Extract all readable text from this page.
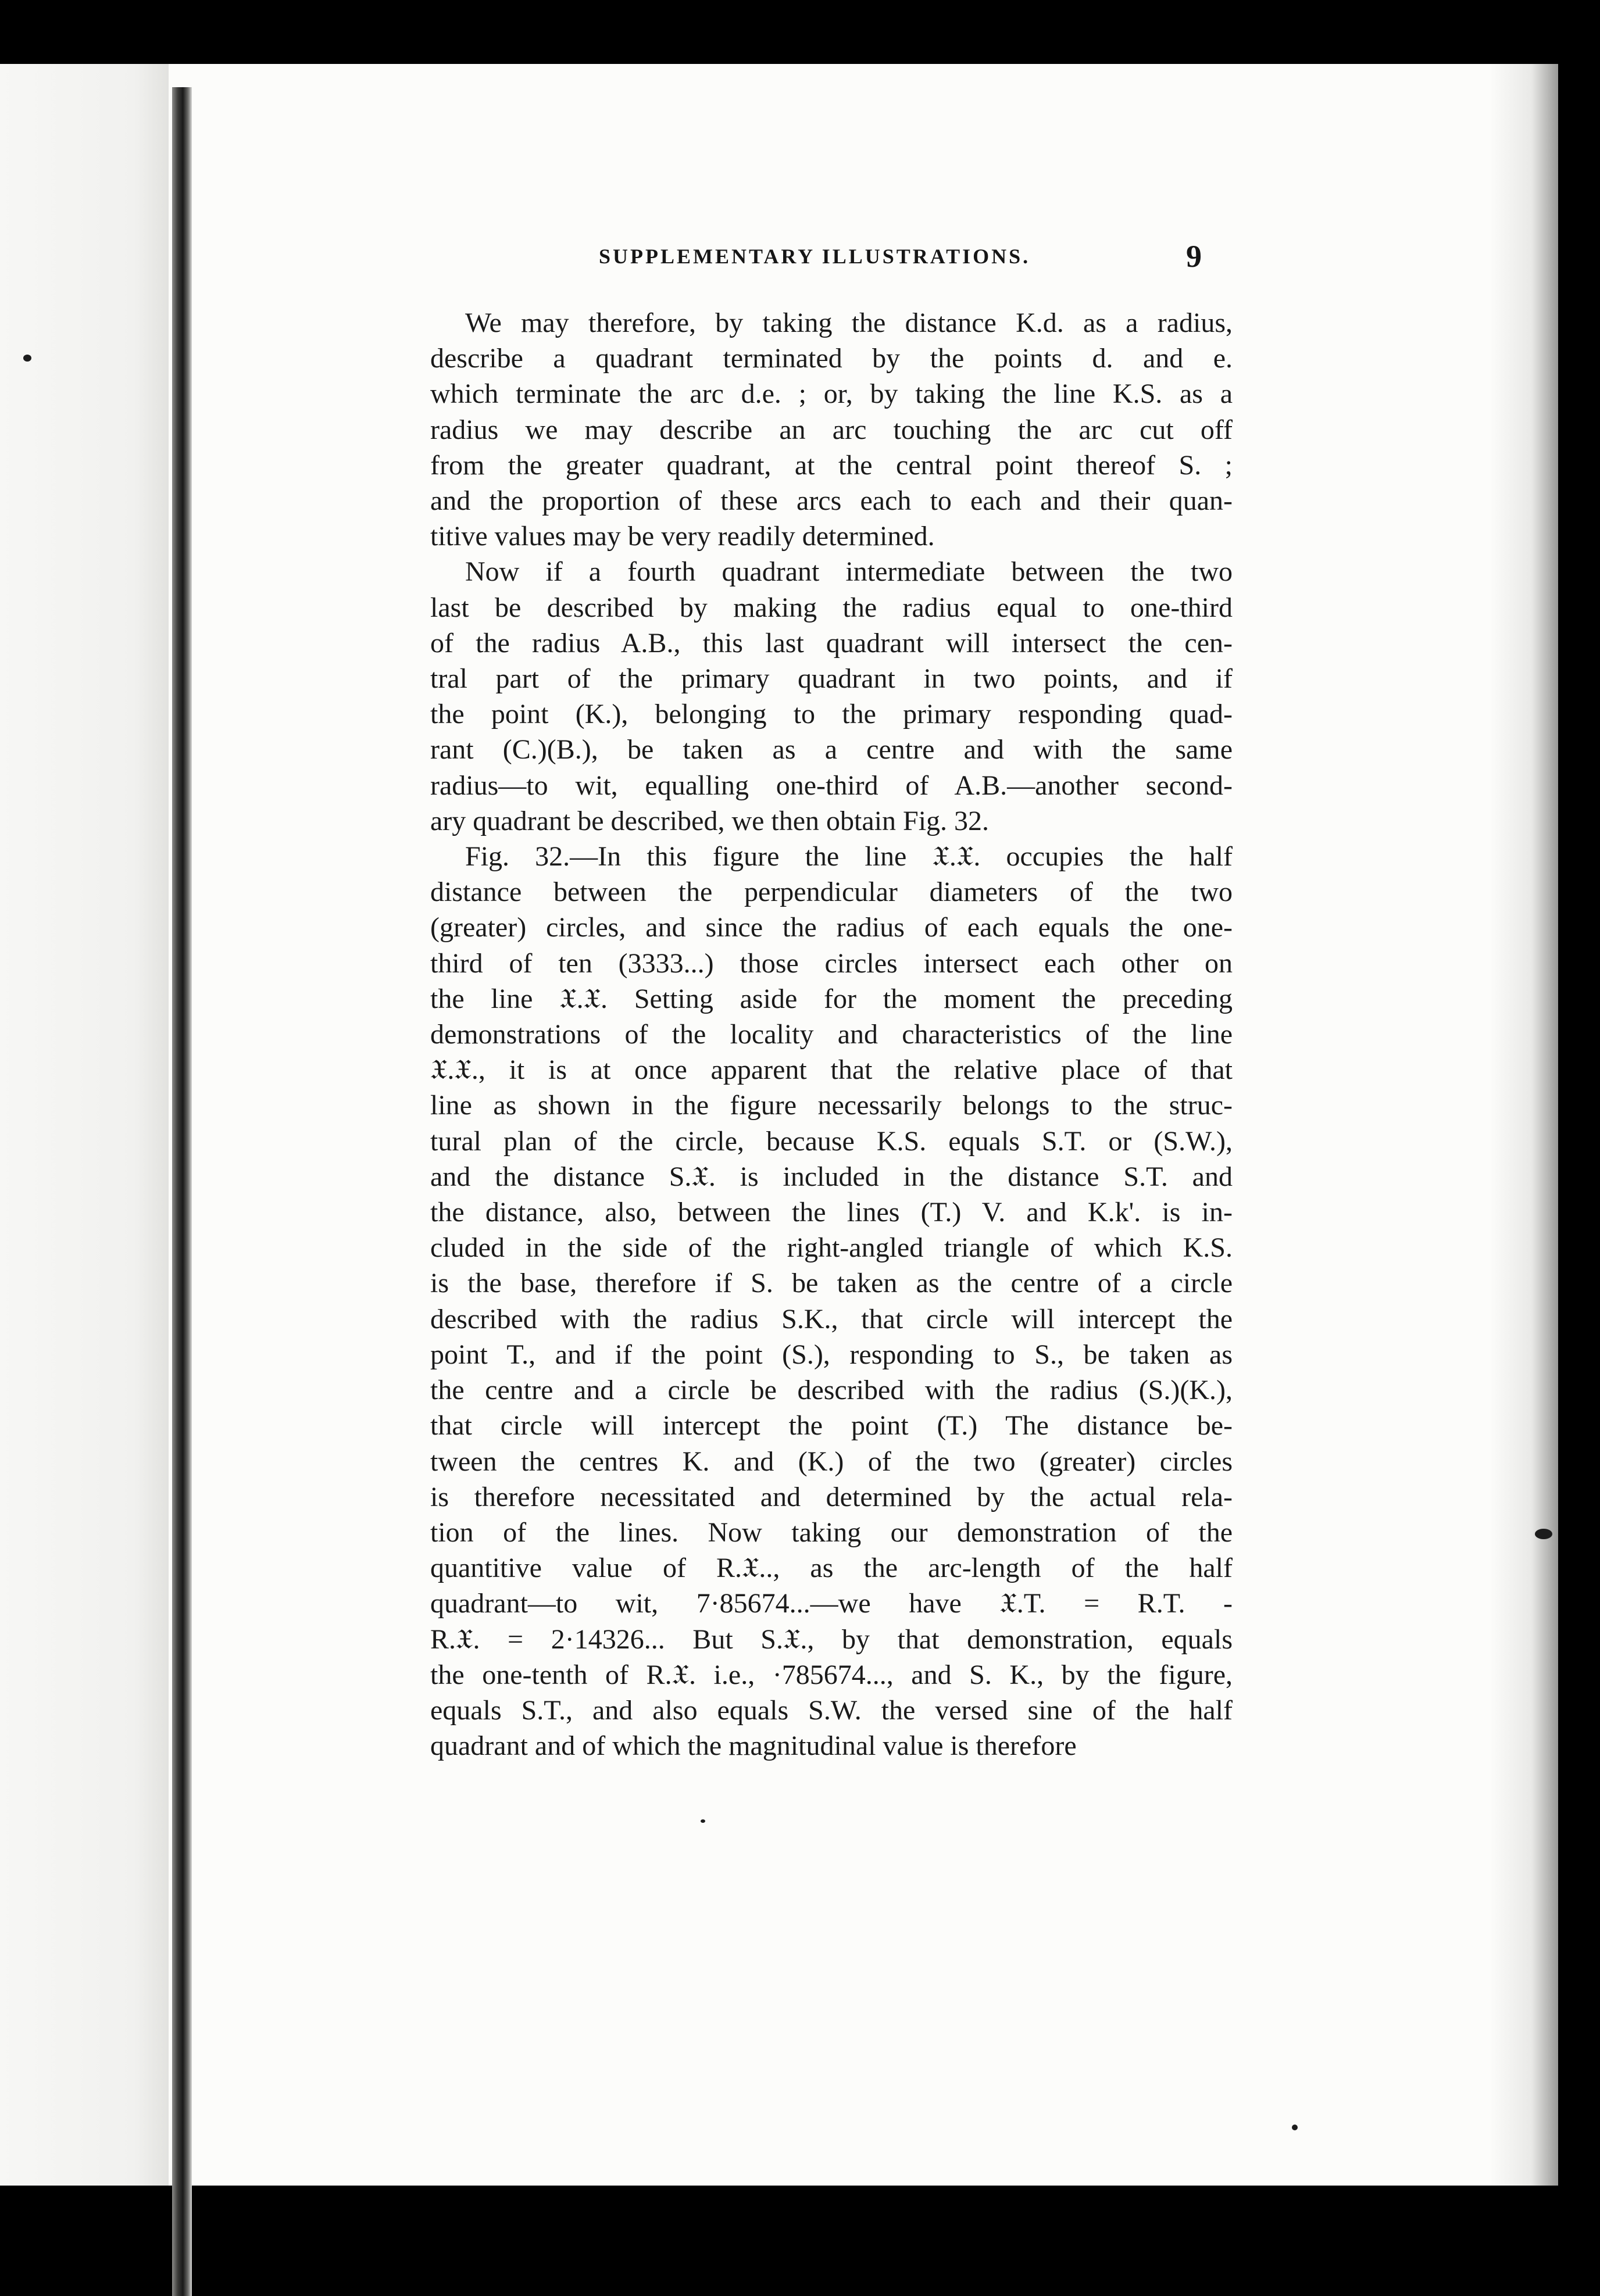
SUPPLEMENTARY ILLUSTRATIONS.	9
We may therefore, by taking the distance K.d. as a radius,
describe a quadrant terminated by the points d. and e.
which terminate the arc d.e. ; or, by taking the line K.S. as a
radius we may describe an arc touching the arc cut off
from the greater quadrant, at the central point thereof S. ;
and the proportion of these arcs each to each and their quan-
titive values may be very readily determined.
Now if a fourth quadrant intermediate between the two
last be described by making the radius equal to one-third
of the radius A.B., this last quadrant will intersect the cen-
tral part of the primary quadrant in two points, and if
the point (K.), belonging to the primary responding quad-
rant (C.)(B.), be taken as a centre and with the same
radius—to wit, equalling one-third of A.B.—another second-
ary quadrant be described, we then obtain Fig. 32.
Fig. 32.—In this figure the line 𝔛.𝔛. occupies the half
distance between the perpendicular diameters of the two
(greater) circles, and since the radius of each equals the one-
third of ten (3333...) those circles intersect each other on
the line 𝔛.𝔛. Setting aside for the moment the preceding
demonstrations of the locality and characteristics of the line
𝔛.𝔛., it is at once apparent that the relative place of that
line as shown in the figure necessarily belongs to the struc-
tural plan of the circle, because K.S. equals S.T. or (S.W.),
and the distance S.𝔛. is included in the distance S.T. and
the distance, also, between the lines (T.) V. and K.k'. is in-
cluded in the side of the right-angled triangle of which K.S.
is the base, therefore if S. be taken as the centre of a circle
described with the radius S.K., that circle will intercept the
point T., and if the point (S.), responding to S., be taken as
the centre and a circle be described with the radius (S.)(K.),
that circle will intercept the point (T.) The distance be-
tween the centres K. and (K.) of the two (greater) circles
is therefore necessitated and determined by the actual rela-
tion of the lines. Now taking our demonstration of the
quantitive value of R.𝔛.., as the arc-length of the half
quadrant—to wit, 7·85674...—we have 𝔛.T. = R.T. -
R.𝔛. = 2·14326... But S.𝔛., by that demonstration, equals
the one-tenth of R.𝔛. i.e., ·785674..., and S. K., by the figure,
equals S.T., and also equals S.W. the versed sine of the half
quadrant and of which the magnitudinal value is therefore
